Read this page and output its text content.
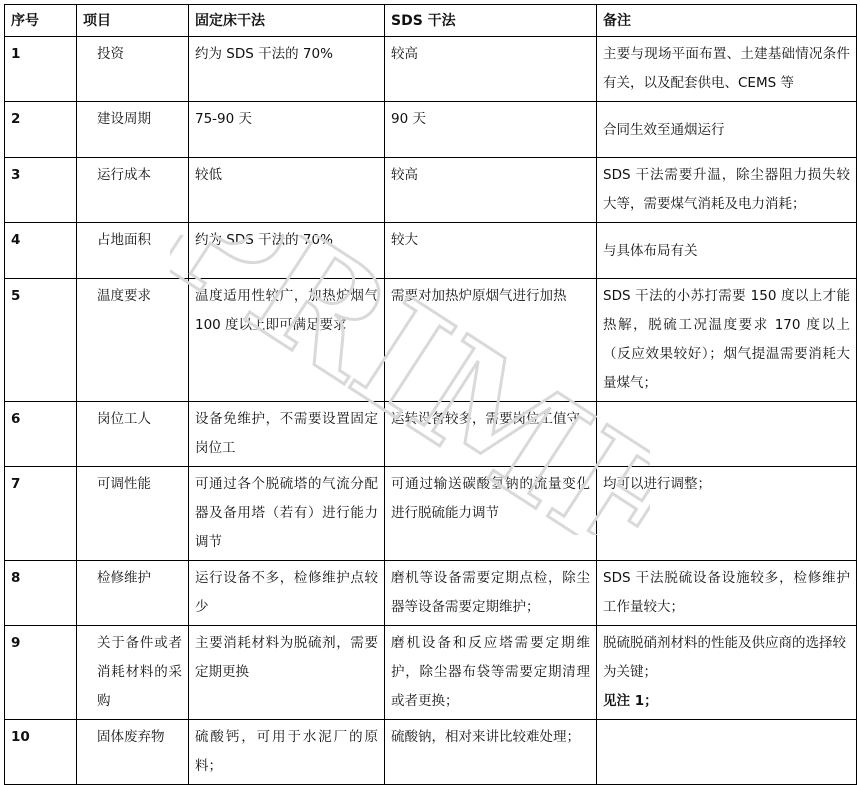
序号	项目	固定床干法	SDS 干法	备注
1	投资	约为 SDS 干法的 70%	较高	主要与现场平面布置、土建基础情况条件有关，以及配套供电、CEMS 等
2	建设周期	75-90 天	90 天	合同生效至通烟运行
3	运行成本	较低	较高	SDS 干法需要升温，除尘器阻力损失较大等，需要煤气消耗及电力消耗；
4	占地面积	约为 SDS 干法的 70%	较大	与具体布局有关
5	温度要求	温度适用性较广，加热炉烟气 100 度以上即可满足要求	需要对加热炉原烟气进行加热	SDS 干法的小苏打需要 150 度以上才能热解，脱硫工况温度要求 170 度以上（反应效果较好）；烟气提温需要消耗大量煤气；
6	岗位工人	设备免维护，不需要设置固定岗位工	运转设备较多，需要岗位工值守	
7	可调性能	可通过各个脱硫塔的气流分配器及备用塔（若有）进行能力调节	可通过输送碳酸氢钠的流量变化进行脱硫能力调节	均可以进行调整；
8	检修维护	运行设备不多，检修维护点较少	磨机等设备需要定期点检，除尘器等设备需要定期维护；	SDS 干法脱硫设备设施较多，检修维护工作量较大；
9	关于备件或者消耗材料的采购	主要消耗材料为脱硫剂，需要定期更换	磨机设备和反应塔需要定期维护，除尘器布袋等需要定期清理或者更换；	脱硫脱硝剂材料的性能及供应商的选择较为关键；
见注 1；

10	固体废弃物	硫酸钙，可用于水泥厂的原料；	硫酸钠，相对来讲比较难处理；	
PRIME
